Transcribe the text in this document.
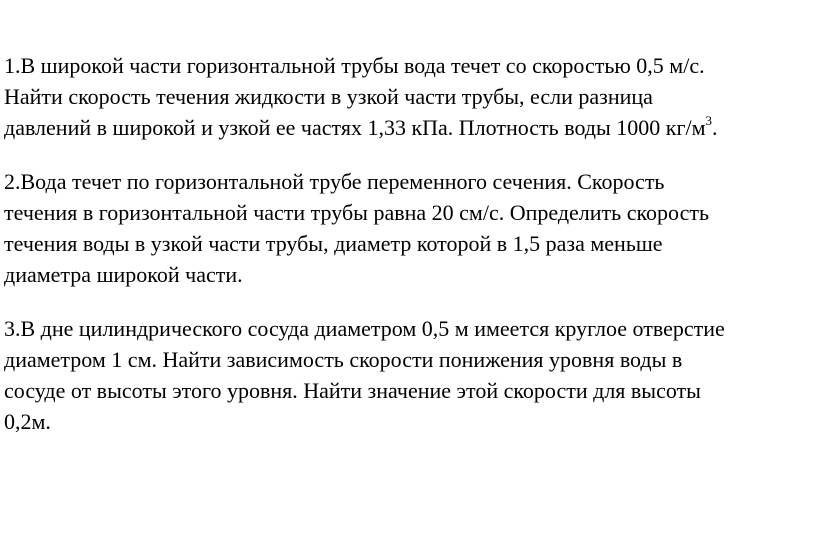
1.В широкой части горизонтальной трубы вода течет со скоростью 0,5 м/с.
Найти скорость течения жидкости в узкой части трубы, если разница
давлений в широкой и узкой ее частях 1,33 кПа. Плотность воды 1000 $кг/м^3$.

2.Вода течет по горизонтальной трубе переменного сечения. Скорость
течения в горизонтальной части трубы равна 20 см/с. Определить скорость
течения воды в узкой части трубы, диаметр которой в 1,5 раза меньше
диаметра широкой части.

3.В дне цилиндрического сосуда диаметром 0,5 м имеется круглое отверстие
диаметром 1 см. Найти зависимость скорости понижения уровня воды в
сосуде от высоты этого уровня. Найти значение этой скорости для высоты
0,2м.
